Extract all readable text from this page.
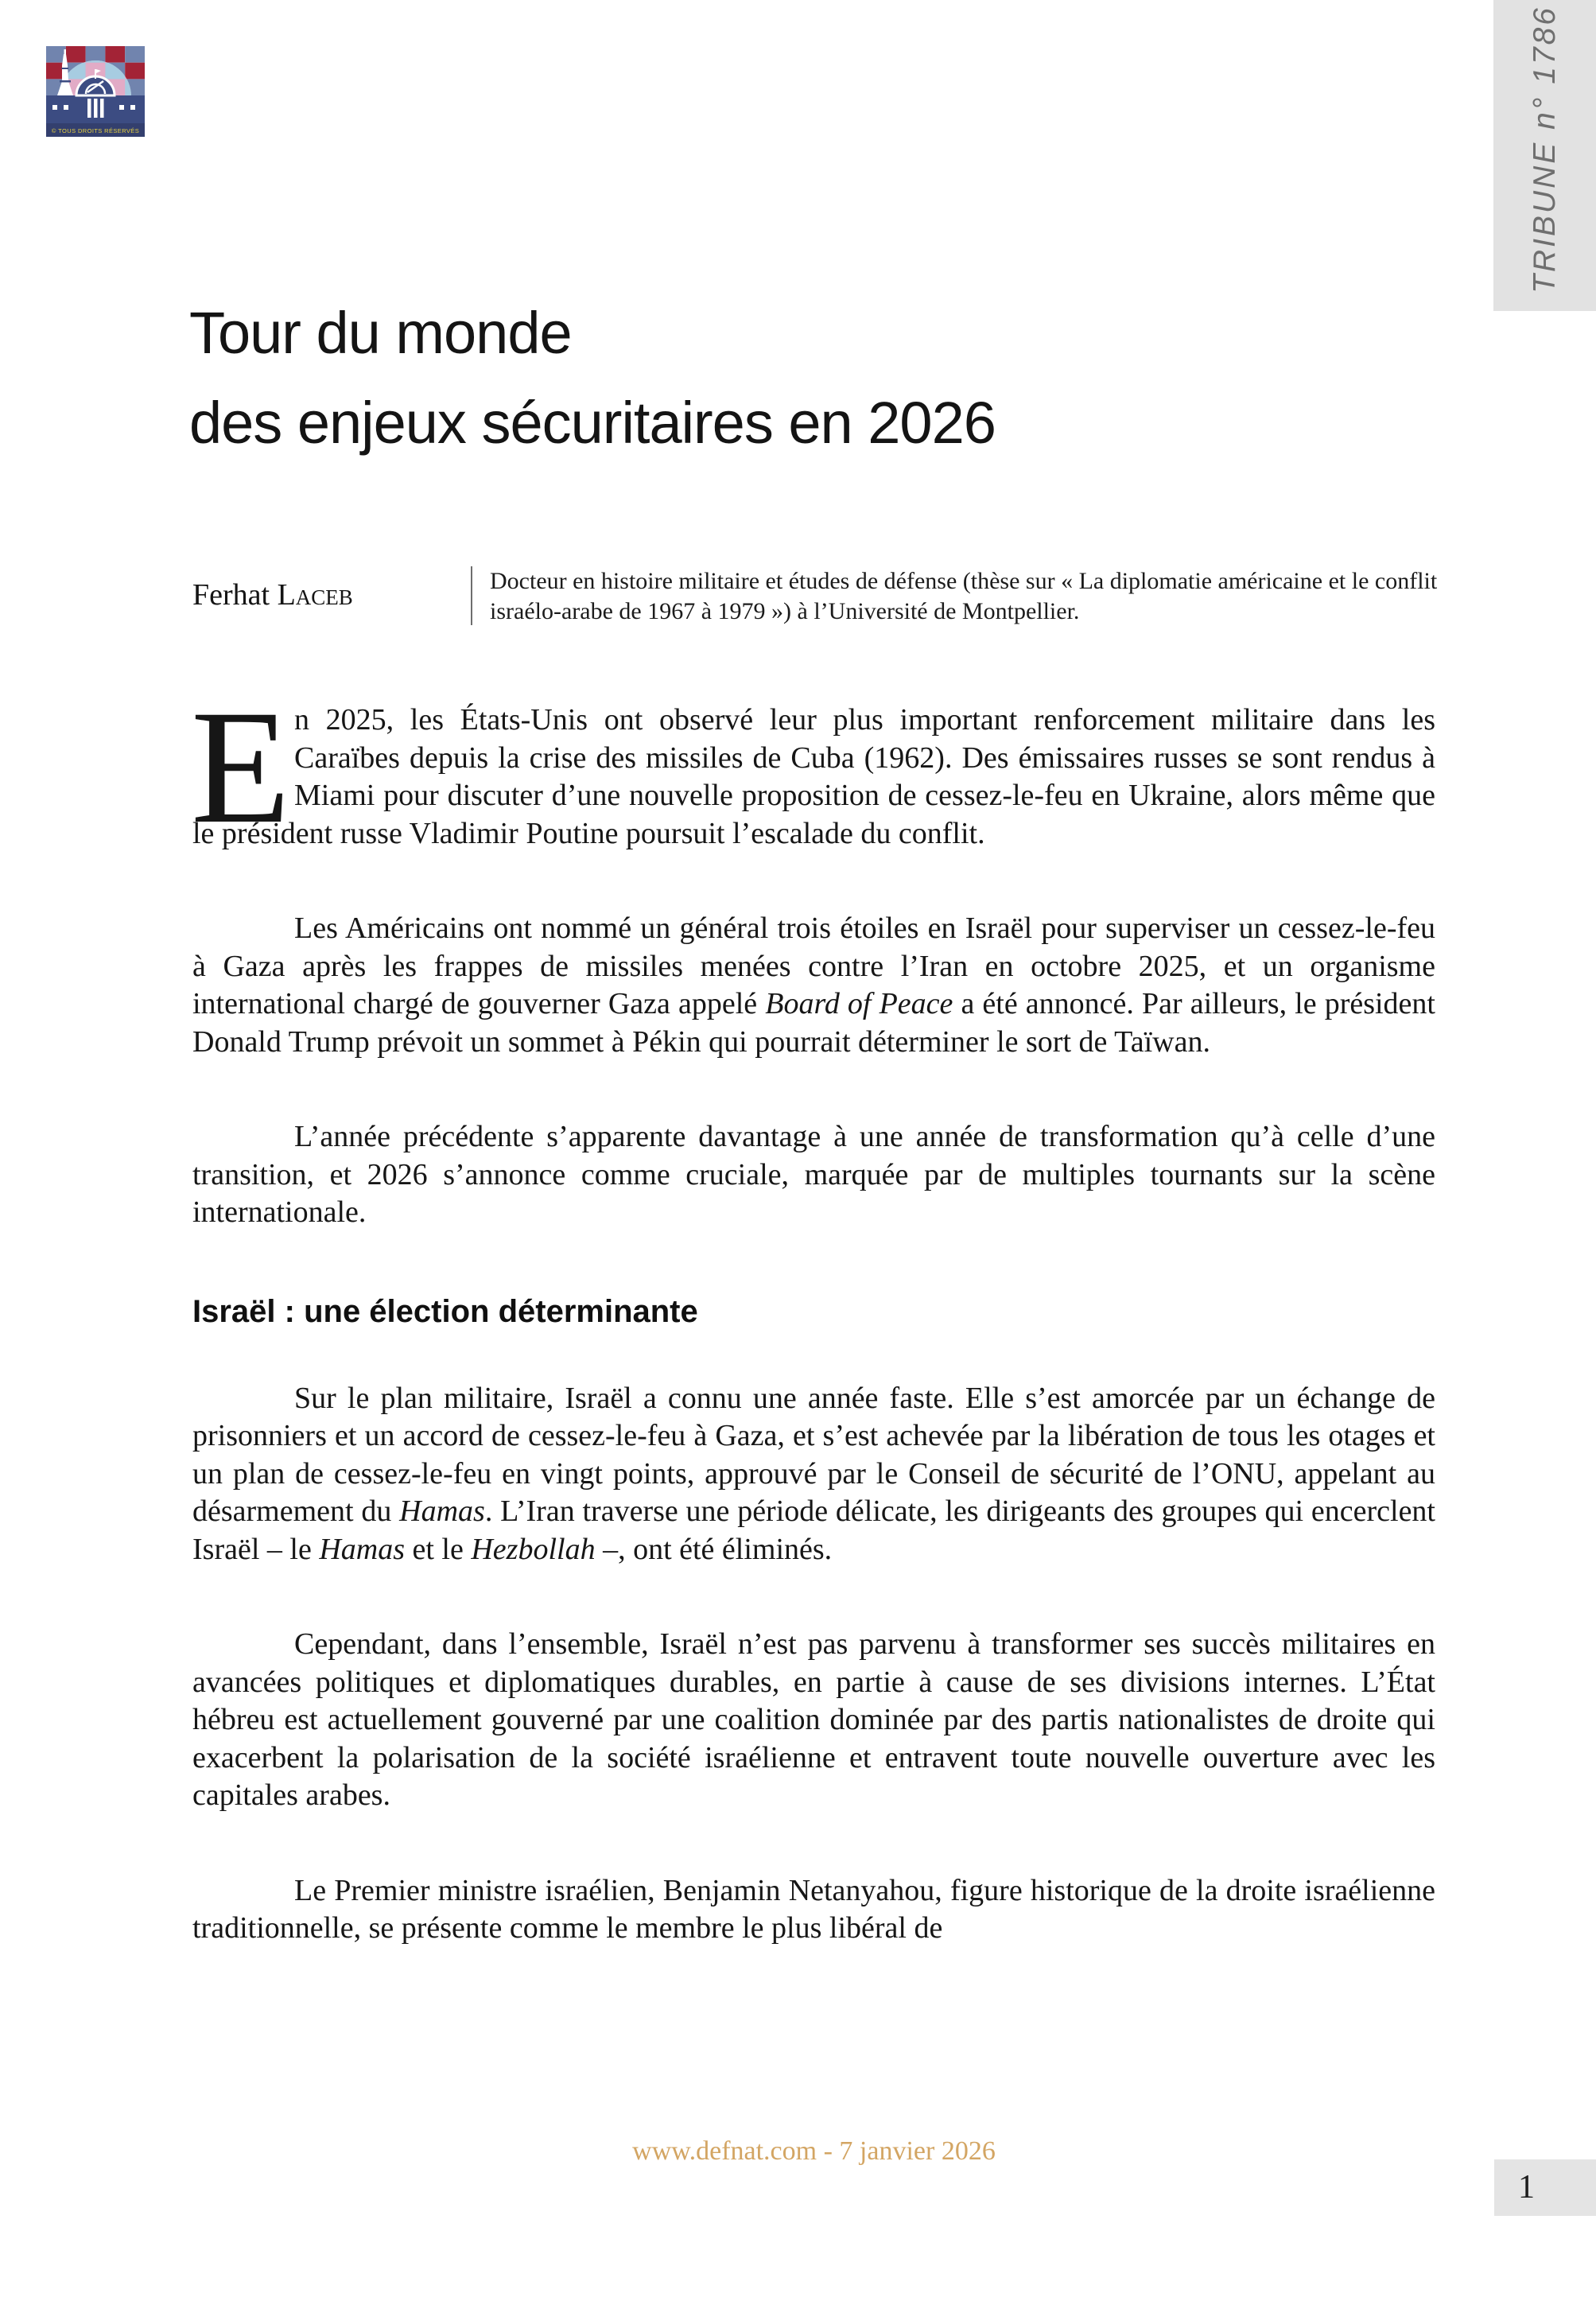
© TOUS DROITS RÉSERVÉS	TRIBUNE n° 1786
Tour du monde
des enjeux sécuritaires en 2026
Ferhat Laceb	Docteur en histoire militaire et études de défense (thèse sur « La diplomatie américaine et le conflit israélo-arabe de 1967 à 1979 ») à l’Université de Montpellier.

E n 2025, les États-Unis ont observé leur plus important renforcement militaire dans les Caraïbes depuis la crise des missiles de Cuba (1962). Des émissaires russes se sont rendus à Miami pour discuter d’une nouvelle proposition de cessez-le-feu en Ukraine, alors même que le président russe Vladimir Poutine poursuit l’escalade du conflit.

Les Américains ont nommé un général trois étoiles en Israël pour superviser un cessez-le-feu à Gaza après les frappes de missiles menées contre l’Iran en octobre 2025, et un organisme international chargé de gouverner Gaza appelé Board of Peace a été annoncé. Par ailleurs, le président Donald Trump prévoit un sommet à Pékin qui pourrait déterminer le sort de Taïwan.

L’année précédente s’apparente davantage à une année de transformation qu’à celle d’une transition, et 2026 s’annonce comme cruciale, marquée par de multiples tournants sur la scène internationale.

Israël : une élection déterminante

Sur le plan militaire, Israël a connu une année faste. Elle s’est amorcée par un échange de prisonniers et un accord de cessez-le-feu à Gaza, et s’est achevée par la libération de tous les otages et un plan de cessez-le-feu en vingt points, approuvé par le Conseil de sécurité de l’ONU, appelant au désarmement du Hamas. L’Iran traverse une période délicate, les dirigeants des groupes qui encerclent Israël – le Hamas et le Hezbollah –, ont été éliminés.

Cependant, dans l’ensemble, Israël n’est pas parvenu à transformer ses succès militaires en avancées politiques et diplomatiques durables, en partie à cause de ses divisions internes. L’État hébreu est actuellement gouverné par une coalition dominée par des partis nationalistes de droite qui exacerbent la polarisation de la société israélienne et entravent toute nouvelle ouverture avec les capitales arabes.

Le Premier ministre israélien, Benjamin Netanyahou, figure historique de la droite israélienne traditionnelle, se présente comme le membre le plus libéral de

www.defnat.com - 7 janvier 2026
1
